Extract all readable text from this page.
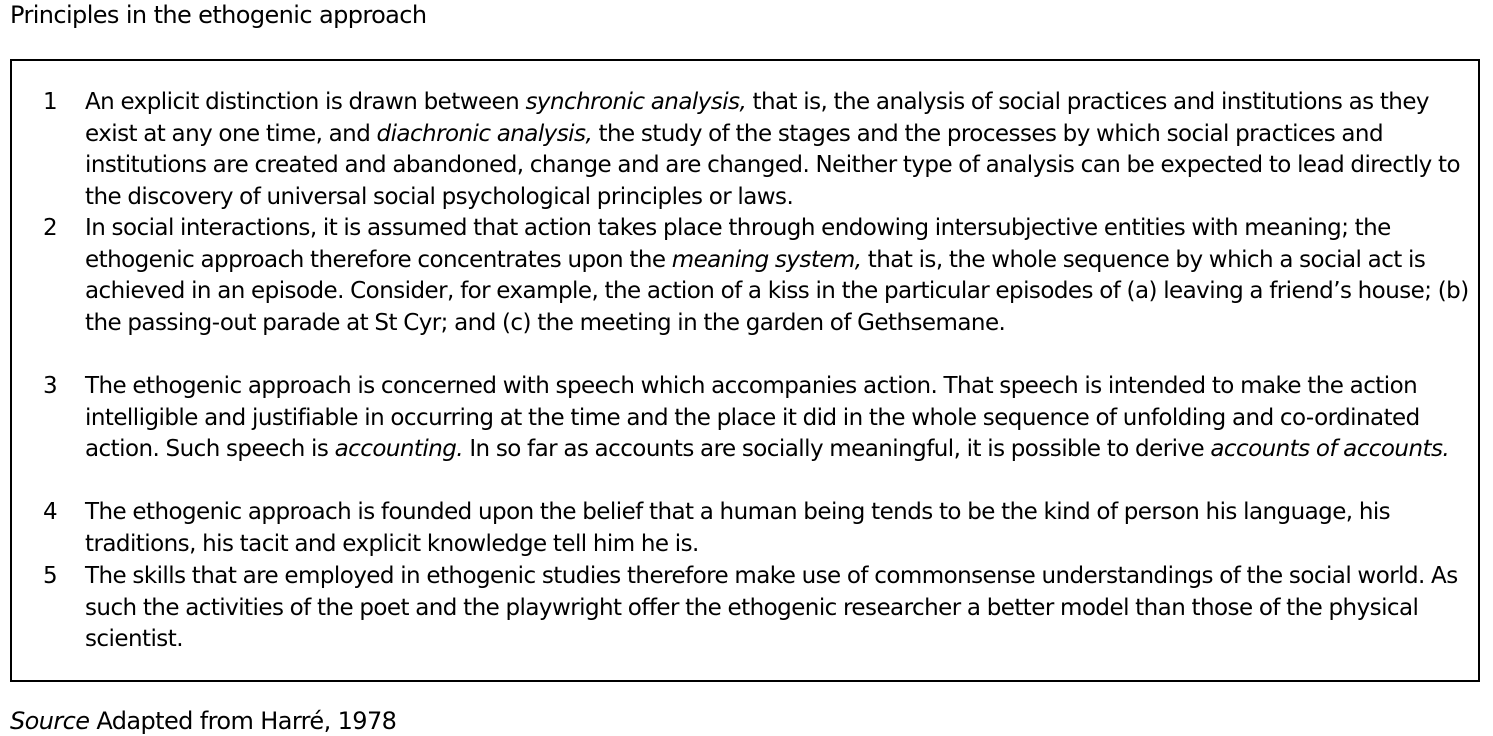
Principles in the ethogenic approach
1 An explicit distinction is drawn between synchronic analysis, that is, the analysis of social practices and institutions as they exist at any one time, and diachronic analysis, the study of the stages and the processes by which social practices and institutions are created and abandoned, change and are changed. Neither type of analysis can be expected to lead directly to the discovery of universal social psychological principles or laws.
2 In social interactions, it is assumed that action takes place through endowing intersubjective entities with meaning; the ethogenic approach therefore concentrates upon the meaning system, that is, the whole sequence by which a social act is achieved in an episode. Consider, for example, the action of a kiss in the particular episodes of (a) leaving a friend’s house; (b) the passing-out parade at St Cyr; and (c) the meeting in the garden of Gethsemane.
3 The ethogenic approach is concerned with speech which accompanies action. That speech is intended to make the action intelligible and justifiable in occurring at the time and the place it did in the whole sequence of unfolding and co-ordinated action. Such speech is accounting. In so far as accounts are socially meaningful, it is possible to derive accounts of accounts.
4 The ethogenic approach is founded upon the belief that a human being tends to be the kind of person his language, his traditions, his tacit and explicit knowledge tell him he is.
5 The skills that are employed in ethogenic studies therefore make use of commonsense understandings of the social world. As such the activities of the poet and the playwright offer the ethogenic researcher a better model than those of the physical scientist.
Source Adapted from Harré, 1978
